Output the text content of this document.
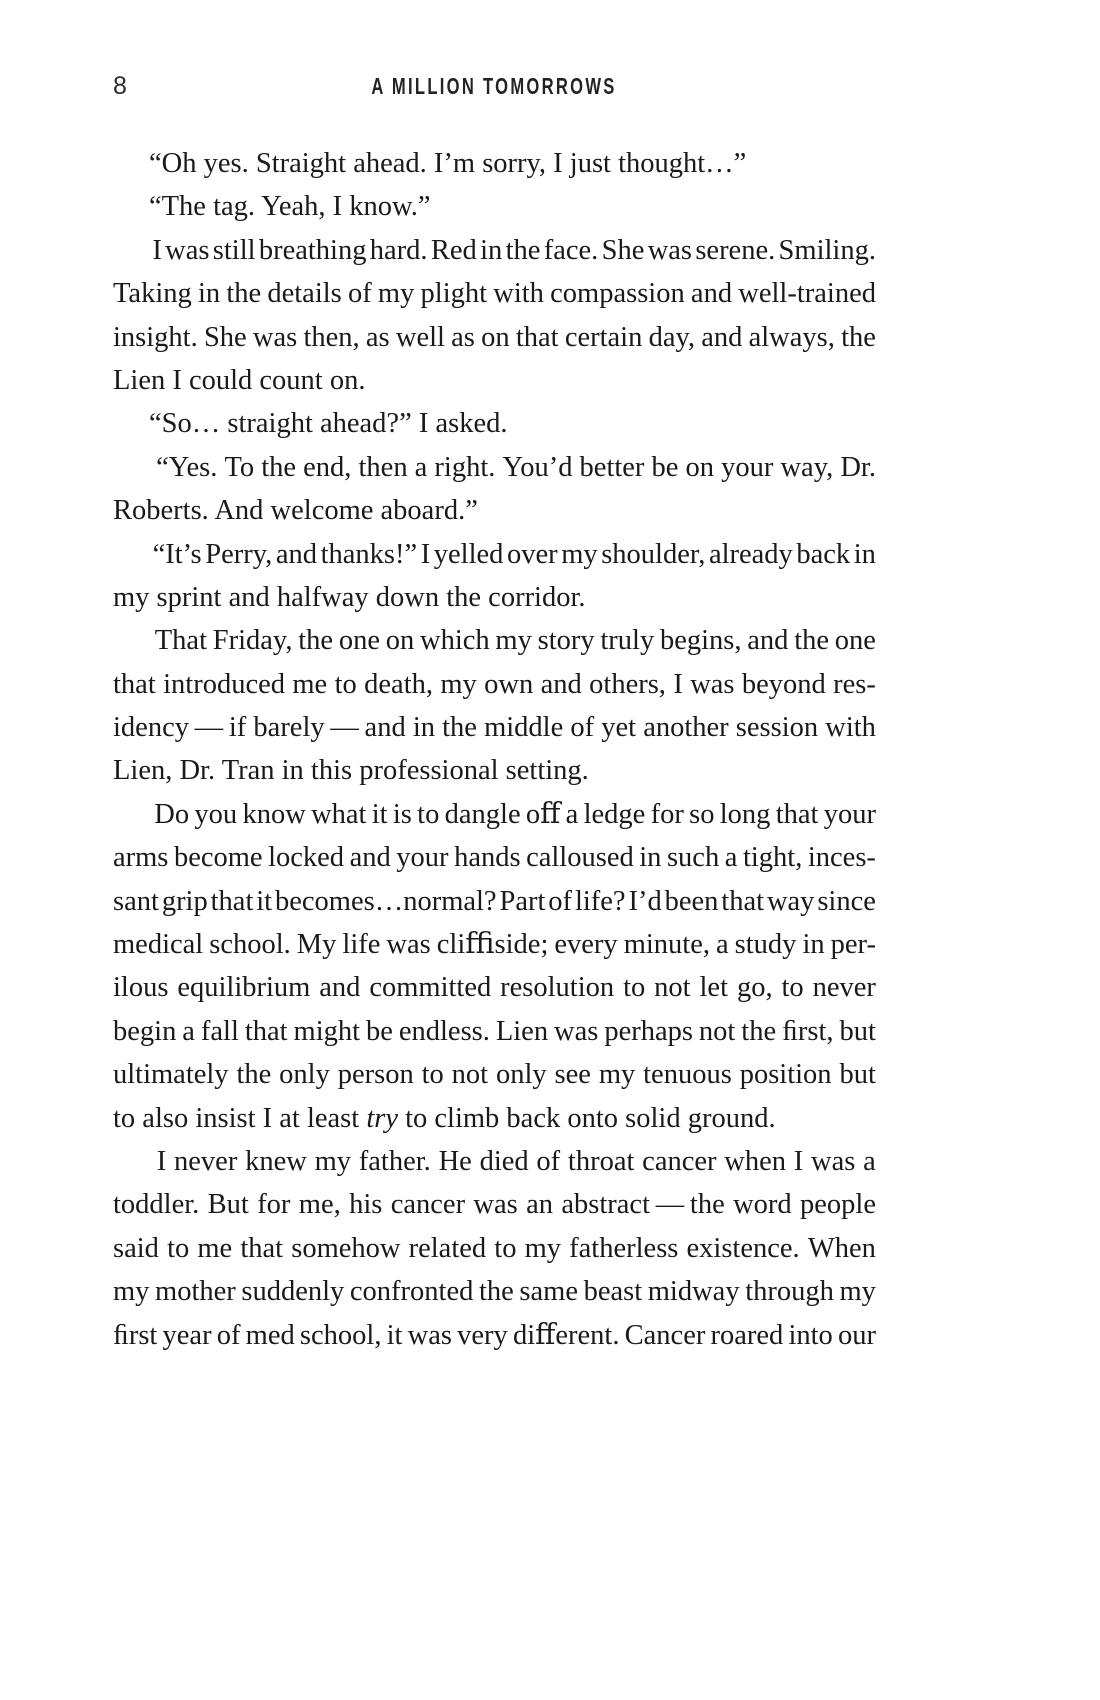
8	A MILLION TOMORROWS
“Oh yes. Straight ahead. I’m sorry, I just thought…”
“The tag. Yeah, I know.”
I was still breathing hard. Red in the face. She was serene. Smiling.
Taking in the details of my plight with compassion and well-trained
insight. She was then, as well as on that certain day, and always, the
Lien I could count on.
“So… straight ahead?” I asked.
“Yes. To the end, then a right. You’d better be on your way, Dr.
Roberts. And welcome aboard.”
“It’s Perry, and thanks!” I yelled over my shoulder, already back in
my sprint and halfway down the corridor.
That Friday, the one on which my story truly begins, and the one
that introduced me to death, my own and others, I was beyond res-
idency — if barely — and in the middle of yet another session with
Lien, Dr. Tran in this professional setting.
Do you know what it is to dangle oﬀ a ledge for so long that your
arms become locked and your hands calloused in such a tight, inces-
sant grip that it becomes…normal? Part of life? I’d been that way since
medical school. My life was cliﬃside; every minute, a study in per-
ilous equilibrium and committed resolution to not let go, to never
begin a fall that might be endless. Lien was perhaps not the ﬁrst, but
ultimately the only person to not only see my tenuous position but
to also insist I at least try to climb back onto solid ground.
I never knew my father. He died of throat cancer when I was a
toddler. But for me, his cancer was an abstract — the word people
said to me that somehow related to my fatherless existence. When
my mother suddenly confronted the same beast midway through my
ﬁrst year of med school, it was very diﬀerent. Cancer roared into our
